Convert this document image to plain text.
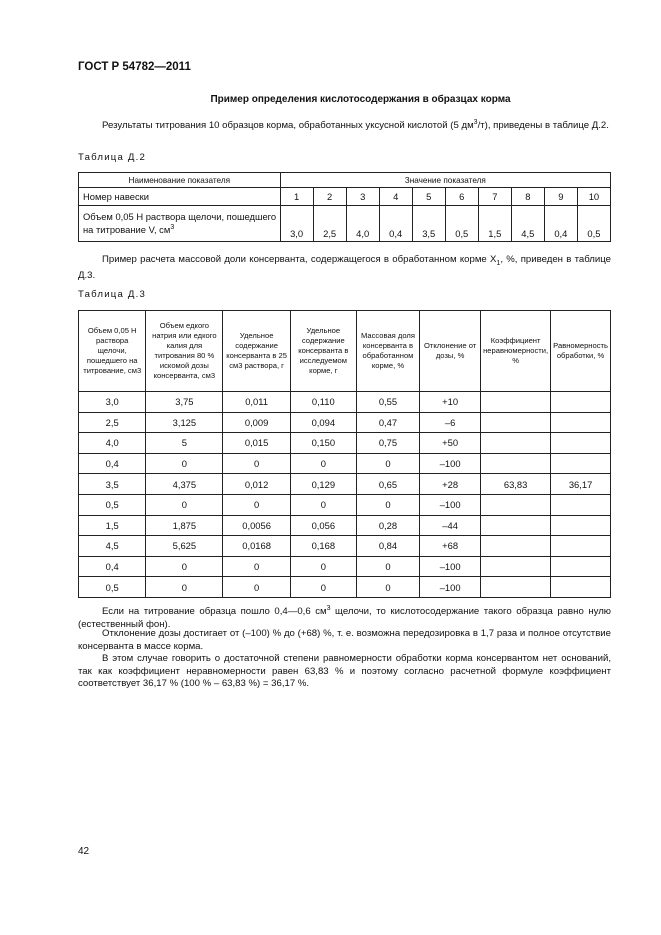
ГОСТ Р 54782—2011
Пример определения кислотосодержания в образцах корма
Результаты титрования 10 образцов корма, обработанных уксусной кислотой (5 $дм^3/т$), приведены в таблице Д.2.
Таблица Д.2
Наименование показателя	Значение показателя									
Номер навески	1	2	3	4	5	6	7	8	9	10
Объем 0,05 Н раствора щелочи, пошедшего на титрование V, $см^3$	3,0	2,5	4,0	0,4	3,5	0,5	1,5	4,5	0,4	0,5
Пример расчета массовой доли консерванта, содержащегося в обработанном корме $X_1$, %, приведен в таблице Д.3.
Таблица Д.3
Объем 0,05 Н раствора щелочи, пошедшего на титрование, см3	Объем едкого натрия или едкого калия для титрования 80 % искомой дозы консерванта, см3	Удельное содержание консерванта в 25 см3 раствора, г	Удельное содержание консерванта в исследуемом корме, г	Массовая доля консерванта в обработанном корме, %	Отклонение от дозы, %	Коэффициент неравномерности, %	Равномерность обработки, %
3,0	3,75	0,011	0,110	0,55	+10		
2,5	3,125	0,009	0,094	0,47	–6		
4,0	5	0,015	0,150	0,75	+50		
0,4	0	0	0	0	–100		
3,5	4,375	0,012	0,129	0,65	+28	63,83	36,17
0,5	0	0	0	0	–100		
1,5	1,875	0,0056	0,056	0,28	–44		
4,5	5,625	0,0168	0,168	0,84	+68		
0,4	0	0	0	0	–100		
0,5	0	0	0	0	–100		
Если на титрование образца пошло 0,4—0,6 $см^3$ щелочи, то кислотосодержание такого образца равно нулю (естественный фон).
Отклонение дозы достигает от (–100) % до (+68) %, т. е. возможна передозировка в 1,7 раза и полное отсутствие консерванта в массе корма.
В этом случае говорить о достаточной степени равномерности обработки корма консервантом нет оснований, так как коэффициент неравномерности равен 63,83 % и поэтому согласно расчетной формуле коэффициент соответствует 36,17 % (100 % – 63,83 %) = 36,17 %.
42
